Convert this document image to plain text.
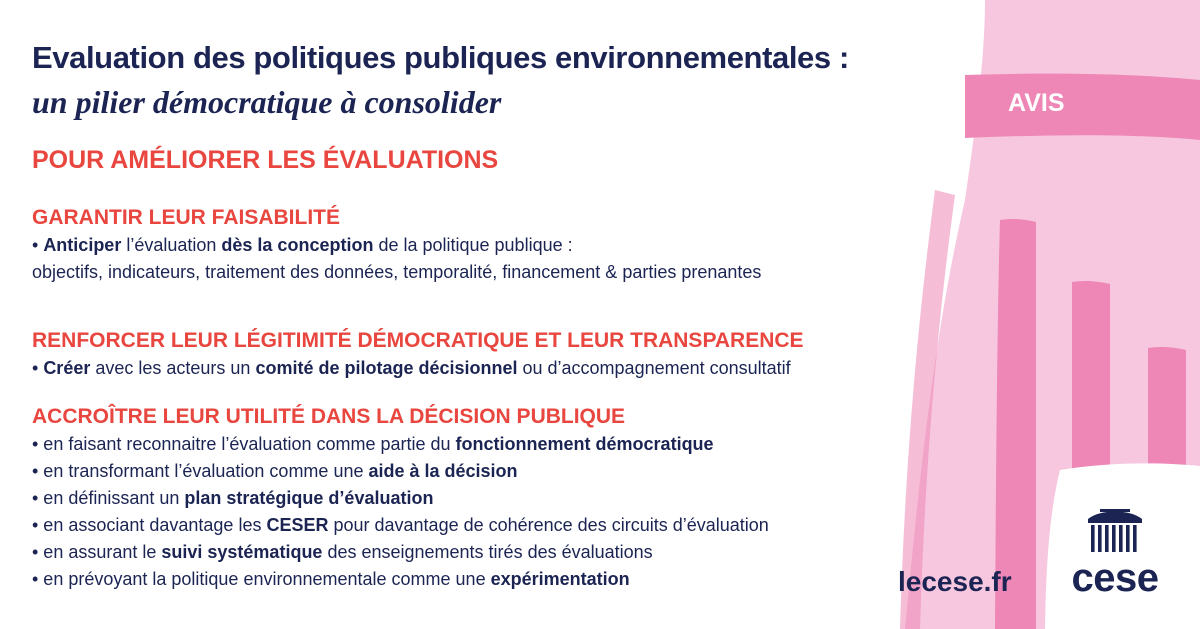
Evaluation des politiques publiques environnementales :
un pilier démocratique à consolider	AVIS
POUR AMÉLIORER LES ÉVALUATIONS
GARANTIR LEUR FAISABILITÉ
• Anticiper l’évaluation dès la conception de la politique publique :
objectifs, indicateurs, traitement des données, temporalité, financement & parties prenantes
RENFORCER LEUR LÉGITIMITÉ DÉMOCRATIQUE ET LEUR TRANSPARENCE
• Créer avec les acteurs un comité de pilotage décisionnel ou d’accompagnement consultatif
ACCROÎTRE LEUR UTILITÉ DANS LA DÉCISION PUBLIQUE
• en faisant reconnaitre l’évaluation comme partie du fonctionnement démocratique
• en transformant l’évaluation comme une aide à la décision
• en définissant un plan stratégique d’évaluation
• en associant davantage les CESER pour davantage de cohérence des circuits d’évaluation
• en assurant le suivi systématique des enseignements tirés des évaluations
• en prévoyant la politique environnementale comme une expérimentation	lecese.fr	cese
